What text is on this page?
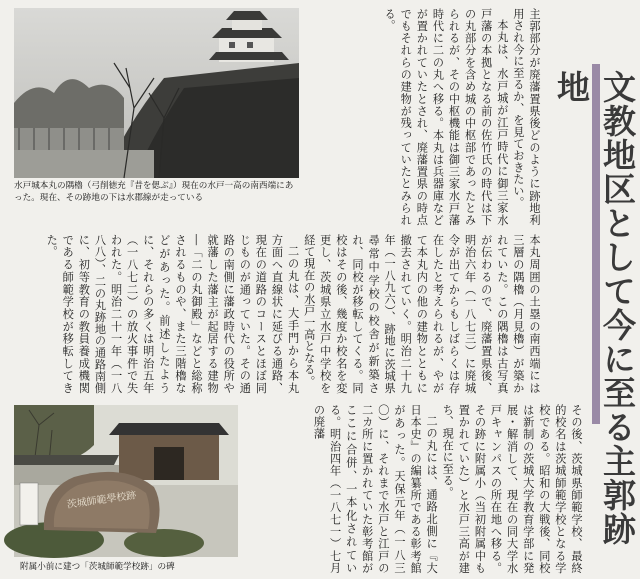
水戸城本丸の隅櫓（弓削徳充『昔を偲ぶ』）現在の水戸一高の南西端にあった。現在、その跡地の下は水郡線が走っている
茨城師範學校跡
附属小前に建つ「茨城師範学校跡」の碑
文教地区として今に至る主郭跡地

主郭部分が廃藩置県後どのように跡地利用され今に至るか、を見ておきたい。

本丸は、水戸城が江戸時代に御三家水戸藩の本拠となる前の佐竹氏の時代は下の丸部分を含め城の中枢部であったとみられるが、その中枢機能は御三家水戸藩時代に二の丸へ移る。本丸は兵器庫などが置かれていたとされ、廃藩置県の時点でもそれらの建物が残っていたとみられる。

本丸周囲の土塁の南西端には三層の隅櫓（月見櫓）が築かれていた。この隅櫓は古写真が伝わるので、廃藩置県後、明治六年（一八七三）に廃城令が出てからもしばらくは存在したと考えられるが、やがて本丸内の他の建物とともに撤去されていく。明治二十九年（一八九六）、跡地に茨城県尋常中学校の校舎が新築され、同校が移転してくる。同校はその後、幾度か校名を変更し、茨城県立水戸中学校を経て現在の水戸一高となる。

二の丸は、大手門から本丸方面へ直線状に延びる通路、現在の道路のコースとほぼ同じものが通っていた。その通路の南側に藩政時代の役所や就藩した藩主が起居する建物―「二の丸御殿」などと総称されるものや、また三階櫓などがあった。前述したように、それらの多くは明治五年（一八七二）の放火事件で失われた。明治二十一年（一八八八）、二の丸跡地の通路南側に、初等教育の教員養成機関である師範学校が移転してきた。

その後、茨城県師範学校、最終的校名は茨城師範学校となる学校である。昭和の大戦後、同校は新制の茨城大学教育学部に発展・解消して、現在の同大学水戸キャンパスの所在地へ移る。その跡に附属小（当初附属中も置かれていた）と水戸三高が建ち、現在に至る。

二の丸には、通路北側に『大日本史』の編纂所である彰考館があった。天保元年（一八三〇）に、それまで水戸と江戸の二カ所に置かれていた彰考館がここに合併、一本化されている。明治四年（一八七一）七月の廃藩
